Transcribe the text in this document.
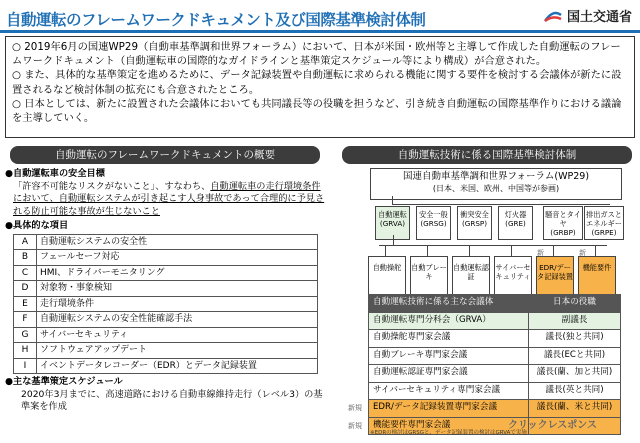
自動運転のフレームワークドキュメント及び国際基準検討体制	国土交通省

○ 2019年6月の国連WP29（自動車基準調和世界フォーラム）において、日本が米国・欧州等と主導して作成した自動運転のフレームワークドキュメント（自動運転車の国際的なガイドラインと基準策定スケジュール等により構成）が合意された。

○ また、具体的な基準策定を進めるために、データ記録装置や自動運転に求められる機能に関する要件を検討する会議体が新たに設置されるなど検討体制の拡充にも合意されたところ。

○ 日本としては、新たに設置された会議体においても共同議長等の役職を担うなど、引き続き自動運転の国際基準作りにおける議論を主導していく。

自動運転のフレームワークドキュメントの概要
●自動運転車の安全目標
「許容不可能なリスクがないこと」、すなわち、自動運転車の走行環境条件において、自動運転システムが引き起こす人身事故であって合理的に予見される防止可能な事故が生じないこと
●具体的な項目
A	自動運転システムの安全性
B	フェールセーフ対応
C	HMI、ドライバーモニタリング
D	対象物・事象検知
E	走行環境条件
F	自動運転システムの安全性能確認手法
G	サイバーセキュリティ
H	ソフトウェアアップデート
I	イベントデータレコーダー（EDR）とデータ記録装置
●主な基準策定スケジュール
2020年3月までに、高速道路における自動車線維持走行（レベル3）の基準案を作成
自動運転技術に係る国際基準検討体制
国連自動車基準調和世界フォーラム(WP29)
(日本、米国、欧州、中国等が参画)
自動運転
(GRVA)
安全一般
(GRSG)
衝突安全
(GRSP)
灯火器
(GRE)
騒音とタイヤ
(GRBP)
排出ガスとエネルギー
(GRPE)
自動操舵	自動ブレーキ
自動運転認証
サイバーセキュリティ
EDR/データ記録装置
新
機能要件
新
自動運転技術に係る主な会議体	日本の役職
自動運転専門分科会（GRVA）	副議長
自動操舵専門家会議	議長(独と共同)
自動ブレーキ専門家会議	議長(ECと共同)
自動運転認証専門家会議	議長(蘭、加と共同)
サイバーセキュリティ専門家会議	議長(英と共同)
EDR/データ記録装置専門家会議	議長(蘭、米と共同)
機能要件専門家会議
新規
新規
※EDRの検討はGRSGと、データ記録装置の検討はGRVAで実施
クリックレスポンス
